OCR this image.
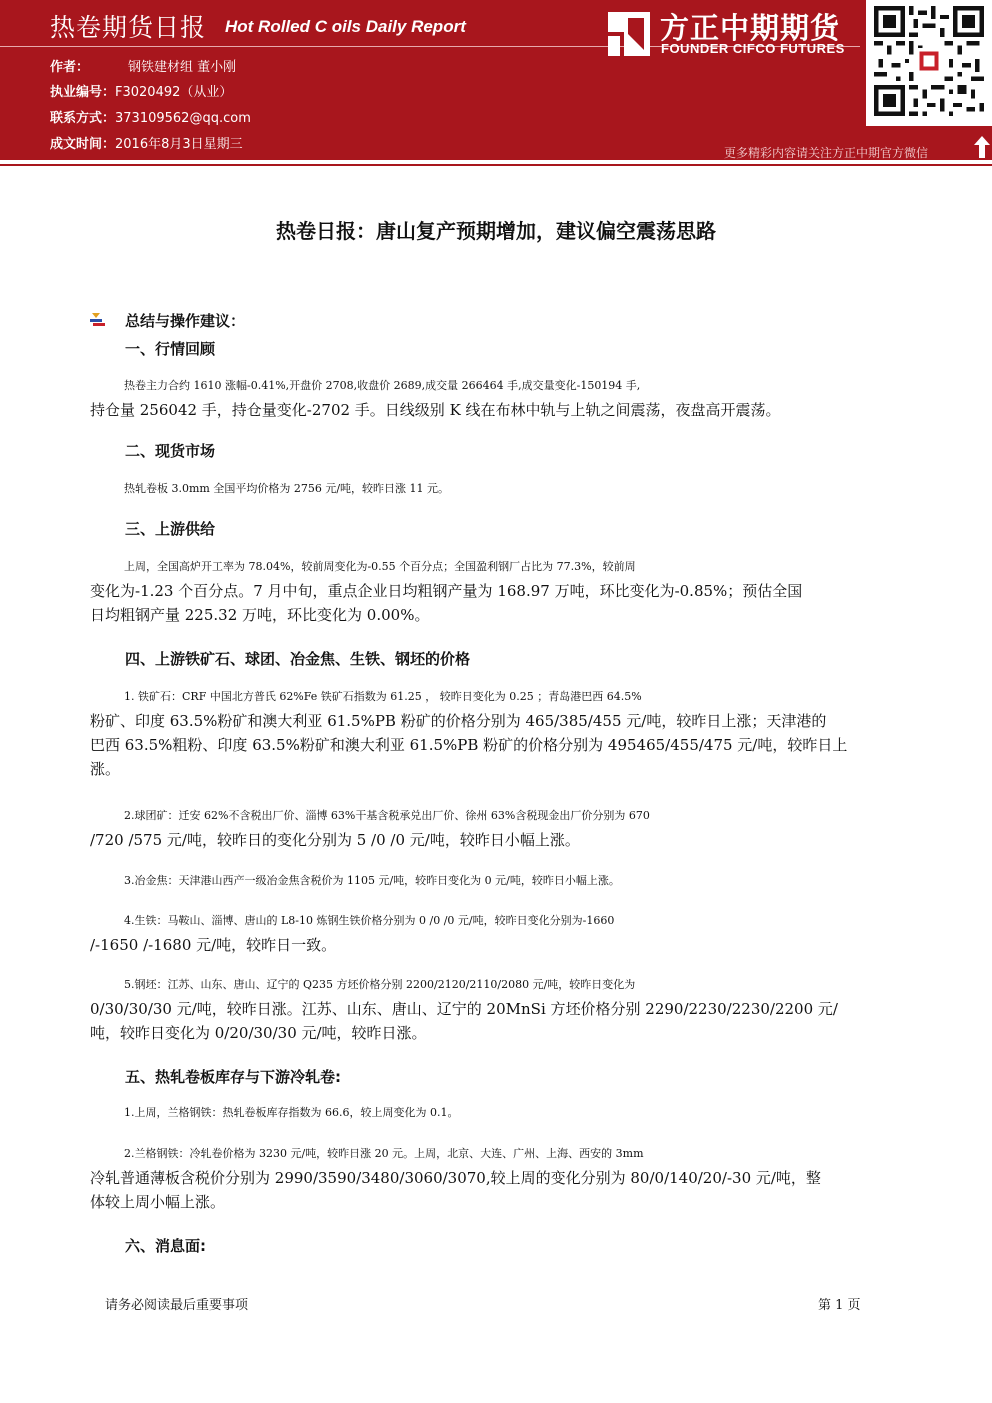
热卷期货日报 Hot Rolled C oils Daily Report
作者：	钢铁建材组 董小刚
执业编号：F3020492（从业）
联系方式：373109562@qq.com
成文时间：2016年8月3日星期三
方正中期期货
FOUNDER CIFCO FUTURES
更多精彩内容请关注方正中期官方微信
热卷日报：唐山复产预期增加，建议偏空震荡思路
总结与操作建议：
一、行情回顾
热卷主力合约 1610 涨幅-0.41%,开盘价 2708,收盘价 2689,成交量 266464 手,成交量变化-150194 手,
持仓量 256042 手，持仓量变化-2702 手。日线级别 K 线在布林中轨与上轨之间震荡，夜盘高开震荡。
二、现货市场
热轧卷板 3.0mm 全国平均价格为 2756 元/吨，较昨日涨 11 元。
三、上游供给
上周，全国高炉开工率为 78.04%，较前周变化为-0.55 个百分点；全国盈利钢厂占比为 77.3%，较前周
变化为-1.23 个百分点。7 月中旬，重点企业日均粗钢产量为 168.97 万吨，环比变化为-0.85%；预估全国
日均粗钢产量 225.32 万吨，环比变化为 0.00%。
四、上游铁矿石、球团、冶金焦、生铁、钢坯的价格
1. 铁矿石：CRF 中国北方普氏 62%Fe 铁矿石指数为 61.25 ， 较昨日变化为 0.25 ；青岛港巴西 64.5%
粉矿、印度 63.5%粉矿和澳大利亚 61.5%PB 粉矿的价格分别为 465/385/455 元/吨，较昨日上涨；天津港的
巴西 63.5%粗粉、印度 63.5%粉矿和澳大利亚 61.5%PB 粉矿的价格分别为 495465/455/475 元/吨，较昨日上
涨。
2.球团矿：迁安 62%不含税出厂价、淄博 63%干基含税承兑出厂价、徐州 63%含税现金出厂价分别为 670
/720 /575 元/吨，较昨日的变化分别为 5 /0 /0 元/吨，较昨日小幅上涨。
3.冶金焦：天津港山西产一级冶金焦含税价为 1105 元/吨，较昨日变化为 0 元/吨，较昨日小幅上涨。
4.生铁：马鞍山、淄博、唐山的 L8-10 炼钢生铁价格分别为 0 /0 /0 元/吨，较昨日变化分别为-1660
/-1650 /-1680 元/吨，较昨日一致。
5.钢坯：江苏、山东、唐山、辽宁的 Q235 方坯价格分别 2200/2120/2110/2080 元/吨，较昨日变化为
0/30/30/30 元/吨，较昨日涨。江苏、山东、唐山、辽宁的 20MnSi 方坯价格分别 2290/2230/2230/2200 元/
吨，较昨日变化为 0/20/30/30 元/吨，较昨日涨。
五、热轧卷板库存与下游冷轧卷:
1.上周，兰格钢铁：热轧卷板库存指数为 66.6，较上周变化为 0.1。
2.兰格钢铁：冷轧卷价格为 3230 元/吨，较昨日涨 20 元。上周，北京、大连、广州、上海、西安的 3mm
冷轧普通薄板含税价分别为 2990/3590/3480/3060/3070,较上周的变化分别为 80/0/140/20/-30 元/吨，整
体较上周小幅上涨。
六、消息面:
请务必阅读最后重要事项	第 1 页
